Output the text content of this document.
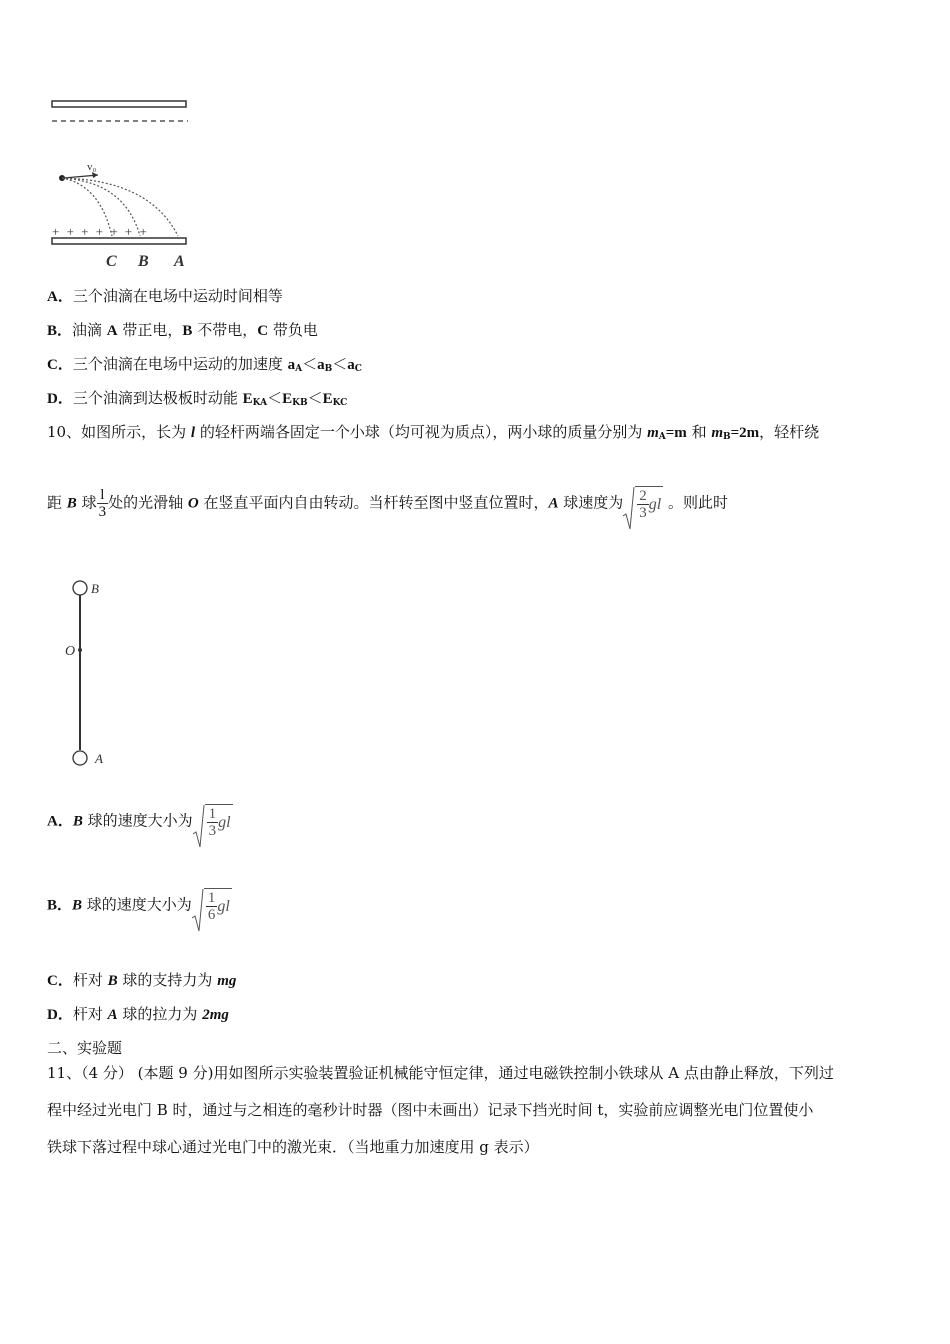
v₀
+ + + + + + +
C B A
A．三个油滴在电场中运动时间相等
B．油滴 A 带正电，B 不带电，C 带负电
C．三个油滴在电场中运动的加速度 $a_A<a_B<a_C$
D．三个油滴到达极板时动能 $E_{KA}<E_{KB}<E_{KC}$
10、如图所示，长为 l 的轻杆两端各固定一个小球（均可视为质点），两小球的质量分别为 $m_A=m$ 和 $m_B=2m$，轻杆绕
距 B 球 $\frac{l}{3}$ 处的光滑轴 O 在竖直平面内自由转动。当杆转至图中竖直位置时，A 球速度为 $\frac{2}{3}$ gl 。则此时
B
O
A
A．B 球的速度大小为 $\frac{1}{3}$ gl
B．B 球的速度大小为 $\frac{1}{6}$ gl
C．杆对 B 球的支持力为 mg
D．杆对 A 球的拉力为 2mg
二、实验题
11、（4 分） (本题 9 分)用如图所示实验装置验证机械能守恒定律，通过电磁铁控制小铁球从 A 点由静止释放，下列过
程中经过光电门 B 时，通过与之相连的毫秒计时器（图中未画出）记录下挡光时间 t，实验前应调整光电门位置使小
铁球下落过程中球心通过光电门中的激光束．（当地重力加速度用 g 表示）
